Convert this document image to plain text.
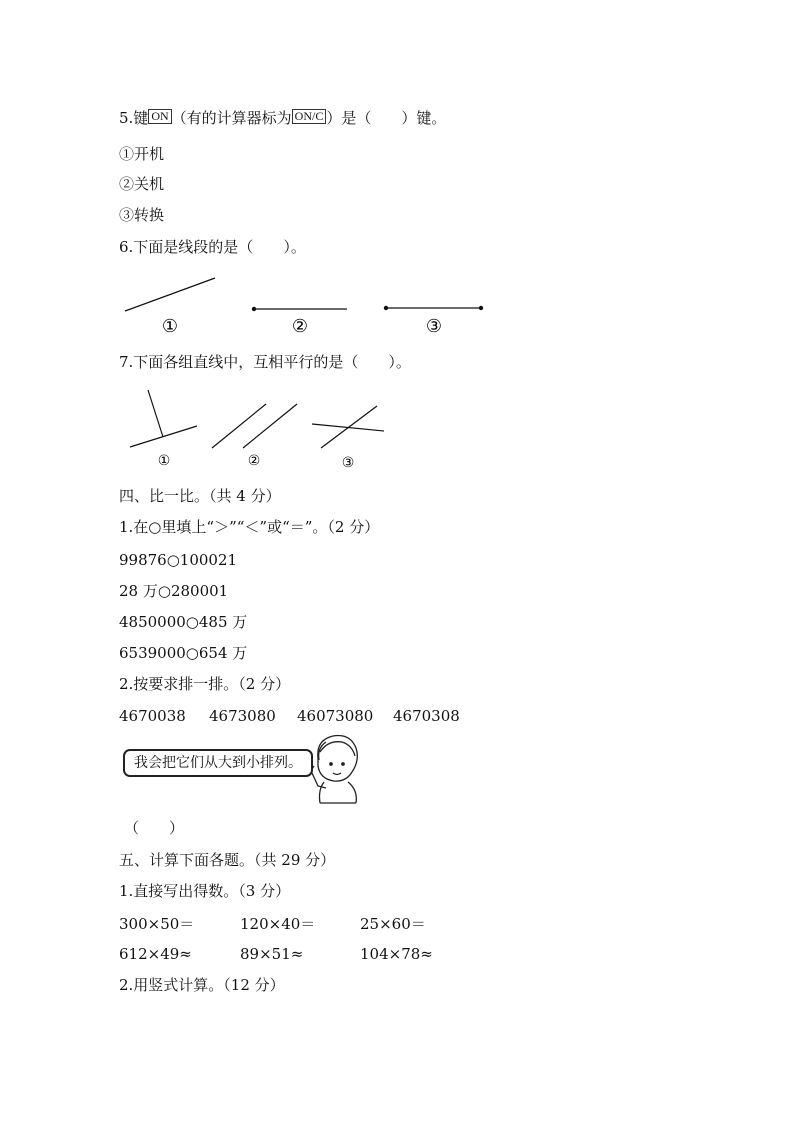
5.键 ON （有的计算器标为 ON/C ）是（　　）键。
①开机
②关机
③转换
6.下面是线段的是（　　）。
①	②	③
①	②	③
7.下面各组直线中，互相平行的是（　　）。
四、比一比。（共 4 分）
1.在○里填上“＞”“＜”或“＝”。（2 分）
99876○100021
28 万○280001
4850000○485 万
6539000○654 万
2.按要求排一排。（2 分）
4670038 4673080 46073080 4670308
我会把它们从大到小排列。
（　　）
五、计算下面各题。（共 29 分）
1.直接写出得数。（3 分）
300×50＝	120×40＝	25×60＝
612×49≈	89×51≈	104×78≈
2.用竖式计算。（12 分）
